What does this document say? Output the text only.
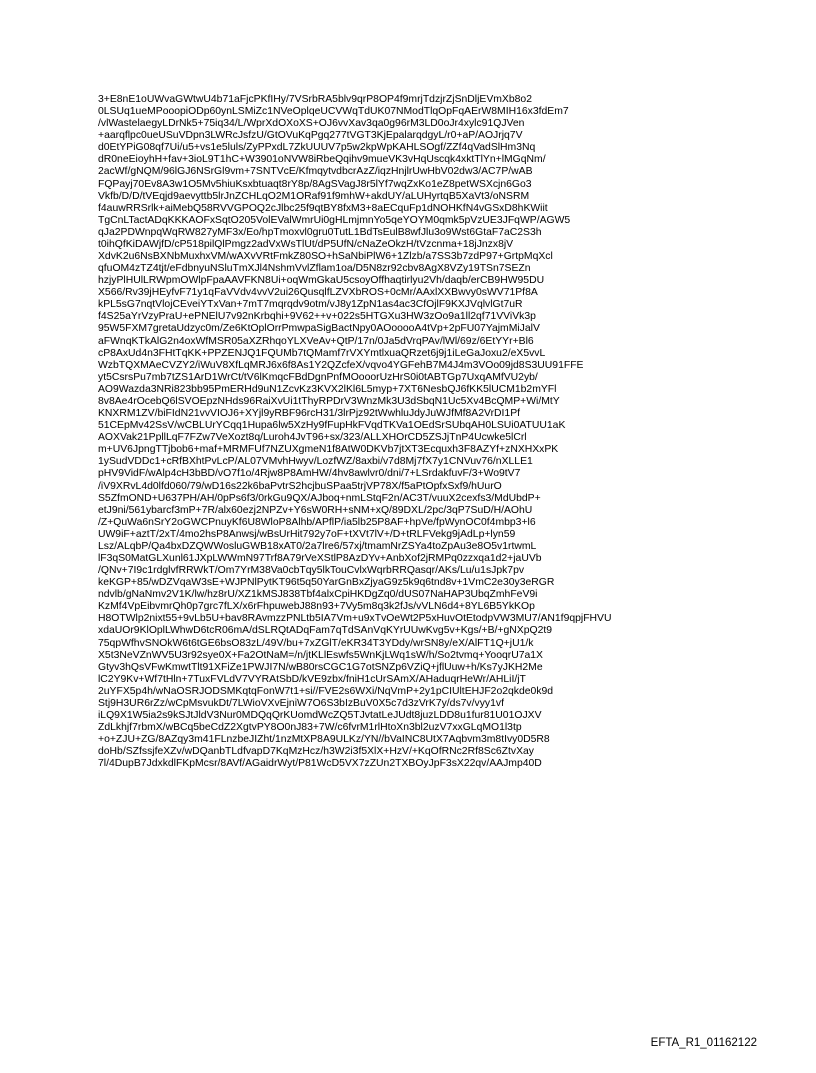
3+E8nE1oUWvaGWtwU4b71aFjcPKfIHy/7VSrbRA5blv9qrP8OP4f9mrjTdzjrZjSnDljEVmXb8o2
0LSUq1ueMPooopiODp60ynLSMiZc1NVeOplqeUCVWqTdUK07NModTlqOpFqAErW8MIH16x3fdEm7
/vlWastelaegyLDrNk5+75iq34/L/WprXdOXoXS+OJ6vvXav3qa0g96rM3LD0oJr4xylc91QJVen
+aarqflpc0ueUSuVDpn3LWRcJsfzU/GtOVuKqPgq277tVGT3KjEpalarqdgyL/r0+aP/AOJrjq7V
d0EtYPiG08qf7Ui/u5+vs1e5luls/ZyPPxdL7ZkUUUV7p5w2kpWpKAHLSOgf/ZZf4qVadSlHm3Nq
dR0neEioyhH+fav+3ioL9T1hC+W3901oNVW8iRbeQqihv9mueVK3vHqUscqk4xktTlYn+lMGqNm/
2acWf/gNQM/96lGJ6NSrGl9vm+7SNTVcE/KfmqytvdbcrAzZ/iqzHnjlrUwHbV02dw3/AC7P/wAB
FQPayj70Ev8A3w1O5Mv5hiuKsxbtuaqt8rY8p/8AgSVagJ8r5lYf7wqZxKo1eZ8petWSXcjn6Go3
Vkfb/D/D/tVEqjd9aevyttb5lrJnZCHLqO2M1ORaf91f9mhW+akdUY/aLUHyrtqB5XaVt3/oNSRM
f4auwRRSrlk+aiMebQ58RVVGPOQ2cJlbc25f9qtBY8fxM3+8aECquFp1dNOHKfN4vGSxD8hKWiit
TgCnLTactADqKKKAOFxSqtO205VolEValWmrUi0gHLmjmnYo5qeYOYM0qmk5pVzUE3JFqWP/AGW5
qJa2PDWnpqWqRW827yMF3x/Eo/hpTmoxvl0gru0TutL1BdTsEulB8wfJlu3o9Wst6GtaF7aC2S3h
t0ihQfKiDAWjfD/cP518pilQlPmgz2adVxWsTlUt/dP5UfN/cNaZeOkzH/tVzcnma+18jJnzx8jV
XdvK2u6NsBXNbMuxhxVM/wAXvVRtFmkZ80SO+hSaNbiPlW6+1Zlzb/a7SS3b7zdP97+GrtpMqXcl
qfuOM4zTZ4tjt/eFdbnyuNSluTmXJl4NshmVvlZflam1oa/D5N8zr92cbv8AgX8VZy19TSn7SEZn
hzjyPlHUlLRWpmOWlpFpaAAVFKN8Ui+oqWmGkaU5csoyOffhaqtirlyu2Vh/daqb/erCB9HW95DU
X566/Rv39jHEyfvF71y1qFaVVdv4vvV2ui26QusqlfLZVXbROS+0cMr/AAxlXXBwvy0sWV71Pf8A
kPL5sG7nqtVlojCEveiYTxVan+7mT7mqrqdv9otm/vJ8y1ZpN1as4ac3CfOjlF9KXJVqlvlGt7uR
f4S25aYrVzyPraU+ePNElU7v92nKrbqhi+9V62++v+022s5HTGXu3HW3zOo9a1ll2qf71VViVk3p
95W5FXM7gretaUdzyc0m/Ze6KtOplOrrPmwpaSigBactNpy0AOooooA4tVp+2pFU07YajmMiJalV
aFWnqKTkAlG2n4oxWfMSR05aXZRhqoYLXVeAv+QtP/17n/0Ja5dVrqPAv/lWl/69z/6EtYYr+Bl6
cP8AxUd4n3FHtTqKK+PPZENJQ1FQUMb7tQMamf7rVXYmtlxuaQRzet6j9j1iLeGaJoxu2/eX5vvL
WzbTQXMAeCVZY2/iWuV8XfLqMRJ6x6f8As1Y2QZcfeX/vqvo4YGFehB7M4J4m3VOo09jd8S3UU91FFE
yt5CsrsPu7mb7tZS1ArD1WrCt/tV6lKmqcFBdDgnPnfMOooorUzHrS0i0tABTGp7UxqAMfVU2yb/
AO9Wazda3NRi823bb95PmERHd9uN1ZcvKz3KVX2lKl6L5myp+7XT6NesbQJ6fKK5lUCM1b2mYFl
8v8Ae4rOcebQ6lSVOEpzNHds96RaiXvUi1tThyRPDrV3WnzMk3U3dSbqN1Uc5Xv4BcQMP+Wi/MtY
KNXRM1ZV/biFIdN21vvVIOJ6+XYjl9yRBF96rcH31/3lrPjz92tWwhluJdyJuWJfMf8A2VrDI1Pf
51CEpMv42SsV/wCBLUrYCqq1Hupa6lw5XzHy9fFupHkFVqdTKVa1OEdSrSUbqAH0LSUi0ATUU1aK
AOXVak21PpllLqF7FZw7VeXozt8q/Luroh4JvT96+sx/323/ALLXHOrCD5ZSJjTnP4Ucwke5lCrl
m+UV6JpngTTjbob6+maf+MRMFUf7NZUXgmeN1f8AtW0DKVb7jtXT3Ecquxh3F8AZYf+zNXHXxPK
1ySudVDDc1+cRfBXhtPvLcP/AL07VMvhHwyv/LozfWZ/8axbi/v7d8Mj7fX7y1CNVuv76/nXLLE1
pHV9VidF/wAlp4cH3bBD/vO7f1o/4Rjw8P8AmHW/4hv8awlvr0/dni/7+LSrdakfuvF/3+Wo9tV7
/iV9XRvL4d0lfd060/79/wD16s22k6baPvtrS2hcjbuSPaa5trjVP78X/f5aPtOpfxSxf9/hUurO
S5ZfmOND+U637PH/AH/0pPs6f3/0rkGu9QX/AJboq+nmLStqF2n/AC3T/vuuX2cexfs3/MdUbdP+
etJ9ni/561ybarcf3mP+7R/alx60ezj2NPZv+Y6sW0RH+sNM+xQ/89DXL/2pc/3qP7SuD/H/AOhU
/Z+QuWa6nSrY2oGWCPnuyKf6U8WloP8Alhb/APflP/ia5lb25P8AF+hpVe/fpWynOC0f4mbp3+l6
UW9iF+aztT/2xT/4mo2hsP8Anwsj/wBsUrHit792y7oF+tXVt7lV+/D+tRLFVekg9jAdLp+lyn59
Lsz/ALqbP/Qa4bxDZQWWosluGWB18xAT0/2a7lre6/57xj/tmamNrZSYa4toZpAu3e8O5v1rtwmL
lF3qS0MatGLXunl61JXpLWWmN97Trf8A79rVeXStlP8AzDYv+AnbXof2jRMPq0zzxqa1d2+jaUVb
/QNv+7I9c1rdglvfRRWkT/Om7YrM38Va0cbTqy5lkTouCvlxWqrbRRQasqr/AKs/Lu/u1sJpk7pv
keKGP+85/wDZVqaW3sE+WJPNlPytKT96t5q50YarGnBxZjyaG9z5k9q6tnd8v+1VmC2e30y3eRGR
ndvlb/gNaNmv2V1K/lw/hz8rU/XZ1kMSJ838Tbf4alxCpiHKDgZq0/dUS07NaHAP3UbqZmhFeV9i
KzMf4VpEibvmrQh0p7grc7fLX/x6rFhpuwebJ88n93+7Vy5m8q3k2fJs/vVLN6d4+8YL6B5YkKOp
H8OTWlp2nixt55+9vLb5U+bav8RAvmzzPNLtb5IA7Vm+u9xTvOeWt2P5xHuvOtEtodpVW3MU7/AN1f9qpjFHVU
xdaUOr9KlOplLWhwD6tcR06mA/dSLRQtADqFam7qTdSAnVqKYrUUwKvg5v+Kgs/+B/+gNXpQ2t9
75qpWfhvSNOkW6t6tGE6bsO83zL/49V/bu+7xZGlT/eKR34T3YDdy/wrSN8y/eX/AlFT1Q+jU1/k
X5t3NeVZnWV5U3r92sye0X+Fa2OtNaM=/n/jtKLlEswfs5WnKjLWq1sW/h/So2tvmq+YooqrU7a1X
Gtyv3hQsVFwKmwtTlt91XFiZe1PWJI7N/wB80rsCGC1G7otSNZp6VZiQ+jflUuw+h/Ks7yJKH2Me
lC2Y9Kv+Wf7tHln+7TuxFVLdV7VYRAtSbD/kVE9zbx/fniH1cUrSAmX/AHaduqrHeWr/AHLiI/jT
2uYFX5p4h/wNaOSRJODSMKqtqFonW7t1+si//FVE2s6WXi/NqVmP+2y1pCIUltEHJF2o2qkde0k9d
Stj9H3UR6rZz/wCpMsvukDt/7LWioVXvEjniW7O6S3bIzBuV0X5c7d3zVrK7y/ds7v/vyy1vf
iLQ9X1W5ia2s9kSJtJldV3Nur0MDQqQrKUomdWcZQ5TJvtatLeJUdt8juzLDD8u1fur81U01OJXV
ZdLkhjf7rbmX/wBCq5beCdZ2XgtvPY8O0nJ83+7W/c6fvrM1rlHtoXn3bl2uzV7xxGLqMO1l3tp
+o+ZJU+ZG/8AZqy3m41FLnzbeJIZht/1nzMtXP8A9ULKz/YN//bVaINC8UtX7Aqbvm3m8tIvy0D5R8
doHb/SZfssjfeXZv/wDQanbTLdfvapD7KqMzHcz/h3W2i3f5XlX+HzV/+KqOfRNc2Rf8Sc6ZtvXay
7l/4DupB7JdxkdlFKpMcsr/8AVf/AGaidrWyt/P81WcD5VX7zZUn2TXBOyJpF3sX22qv/AAJmp40D
EFTA_R1_01162122
